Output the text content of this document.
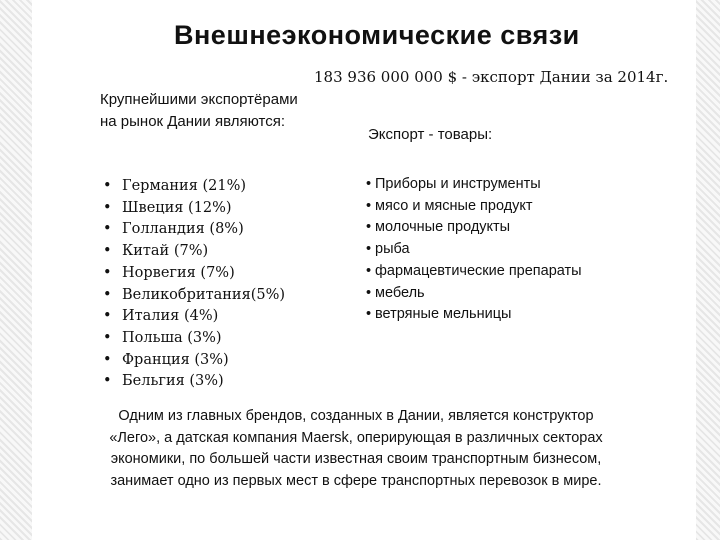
Внешнеэкономические связи
183 936 000 000 $ - экспорт Дании за 2014г.
Крупнейшими экспортёрами на рынок Дании являются:
Экспорт - товары:
• Германия (21%)
• Швеция (12%)
• Голландия (8%)
• Китай (7%)
• Норвегия (7%)
• Великобритания(5%)
• Италия (4%)
• Польша (3%)
• Франция (3%)
• Бельгия (3%)
• Приборы и инструменты
• мясо и мясные продукт
• молочные продукты
• рыба
• фармацевтические препараты
• мебель
• ветряные мельницы
Одним из главных брендов, созданных в Дании, является конструктор «Лего», а датская компания Maersk, оперирующая в различных секторах экономики, по большей части известная своим транспортным бизнесом, занимает одно из первых мест в сфере транспортных перевозок в мире.
